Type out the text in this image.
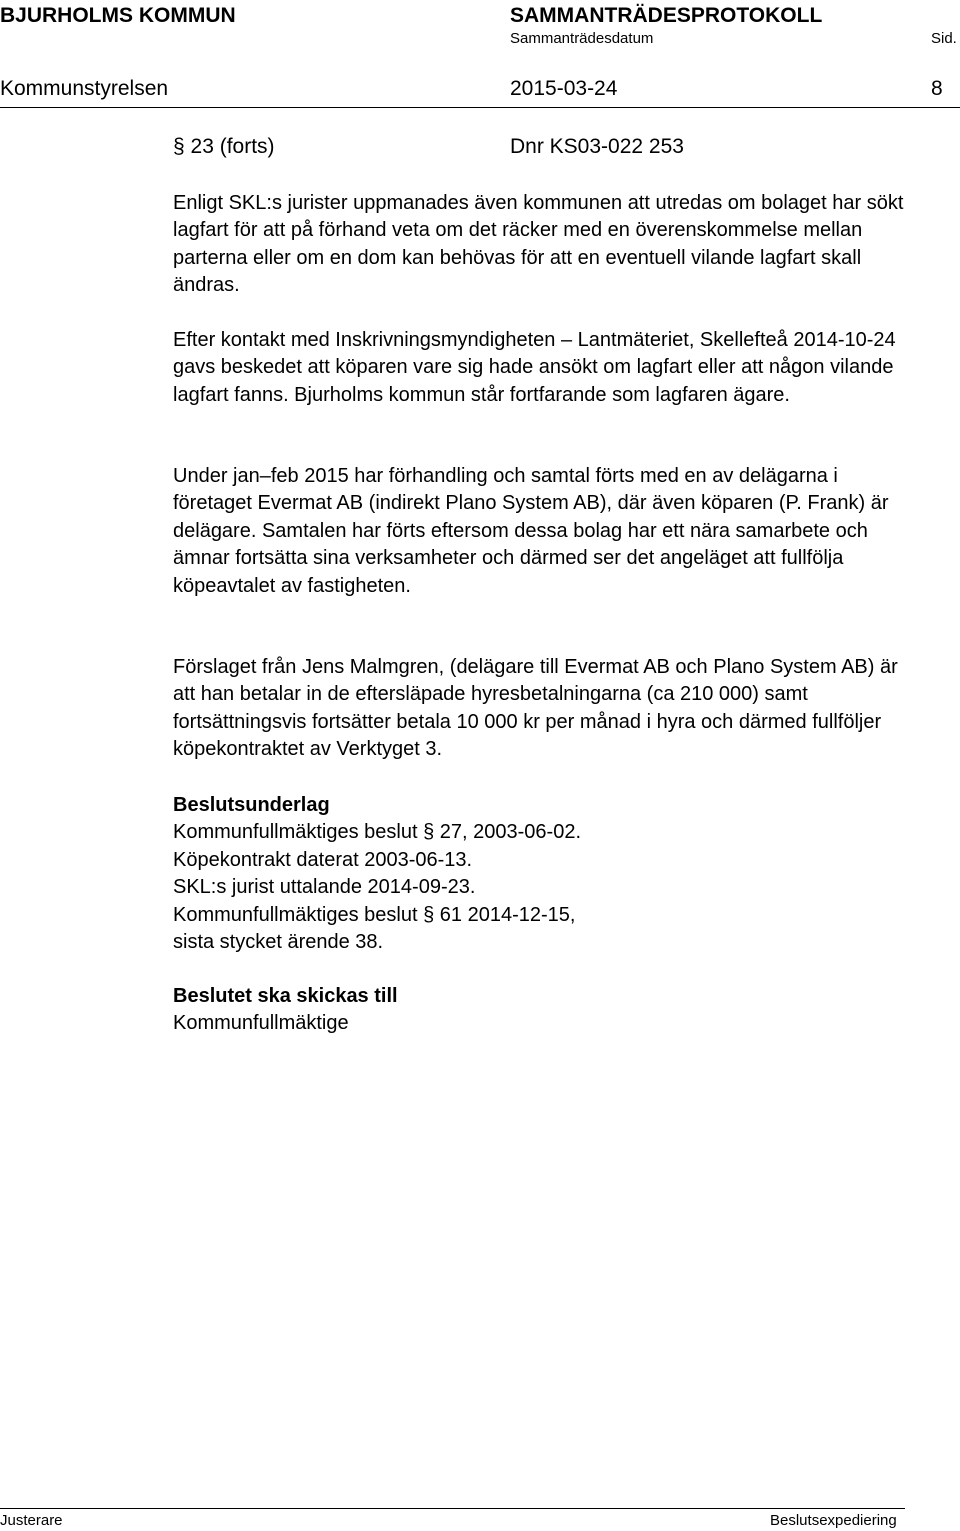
BJURHOLMS KOMMUN	SAMMANTRÄDESPROTOKOLL
Sammanträdesdatum	Sid.
Kommunstyrelsen	2015-03-24	8
§ 23 (forts)	Dnr KS03-022 253

Enligt SKL:s jurister uppmanades även kommunen att utredas om bolaget har sökt lagfart för att på förhand veta om det räcker med en överenskommelse mellan parterna eller om en dom kan behövas för att en eventuell vilande lagfart skall ändras.

Efter kontakt med Inskrivningsmyndigheten – Lantmäteriet, Skellefteå 2014-10-24 gavs beskedet att köparen vare sig hade ansökt om lagfart eller att någon vilande lagfart fanns. Bjurholms kommun står fortfarande som lagfaren ägare.

Under jan–feb 2015 har förhandling och samtal förts med en av delägarna i företaget Evermat AB (indirekt Plano System AB), där även köparen (P. Frank) är delägare. Samtalen har förts eftersom dessa bolag har ett nära samarbete och ämnar fortsätta sina verksamheter och därmed ser det angeläget att fullfölja köpeavtalet av fastigheten.

Förslaget från Jens Malmgren, (delägare till Evermat AB och Plano System AB) är att han betalar in de eftersläpade hyresbetalningarna (ca 210 000) samt fortsättningsvis fortsätter betala 10 000 kr per månad i hyra och därmed fullföljer köpekontraktet av Verktyget 3.

Beslutsunderlag

Kommunfullmäktiges beslut § 27, 2003-06-02.

Köpekontrakt daterat 2003-06-13.

SKL:s jurist uttalande 2014-09-23.

Kommunfullmäktiges beslut § 61 2014-12-15,

sista stycket ärende 38.

Beslutet ska skickas till

Kommunfullmäktige

Justerare	Beslutsexpediering
